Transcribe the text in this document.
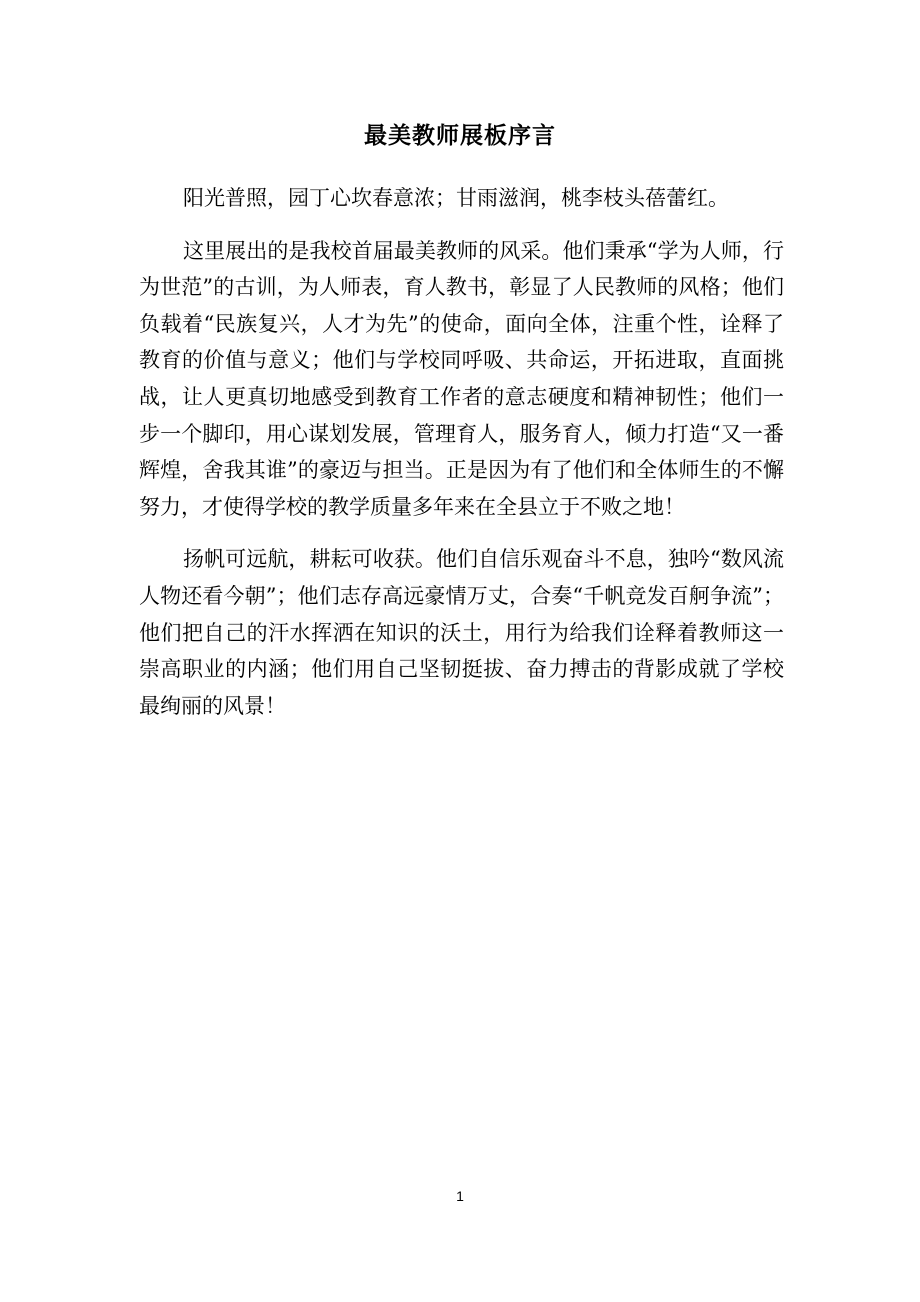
最美教师展板序言

阳光普照，园丁心坎春意浓；甘雨滋润，桃李枝头蓓蕾红。

这里展出的是我校首届最美教师的风采。他们秉承“学为人师，行为世范”的古训，为人师表，育人教书，彰显了人民教师的风格；他们负载着“民族复兴，人才为先”的使命，面向全体，注重个性，诠释了教育的价值与意义；他们与学校同呼吸、共命运，开拓进取，直面挑战，让人更真切地感受到教育工作者的意志硬度和精神韧性；他们一步一个脚印，用心谋划发展，管理育人，服务育人，倾力打造“又一番辉煌，舍我其谁”的豪迈与担当。正是因为有了他们和全体师生的不懈努力，才使得学校的教学质量多年来在全县立于不败之地！

扬帆可远航，耕耘可收获。他们自信乐观奋斗不息，独吟“数风流人物还看今朝”；他们志存高远豪情万丈，合奏“千帆竞发百舸争流”；他们把自己的汗水挥洒在知识的沃土，用行为给我们诠释着教师这一崇高职业的内涵；他们用自己坚韧挺拔、奋力搏击的背影成就了学校最绚丽的风景！

1
